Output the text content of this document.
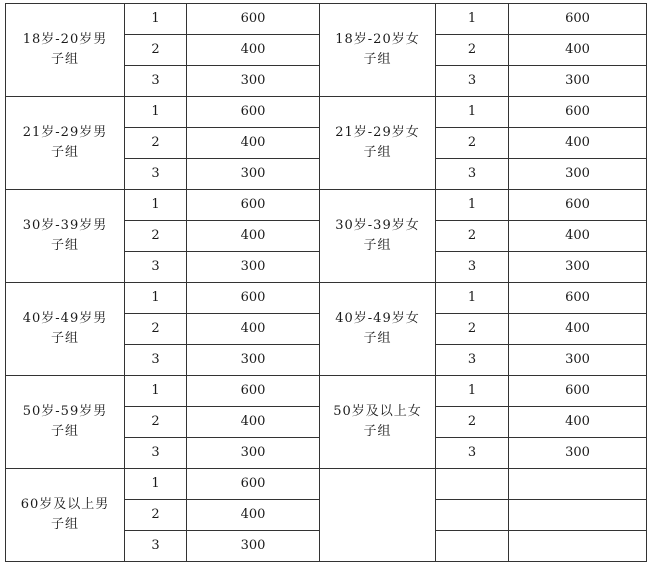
18岁-20岁男子组	1	600	18岁-20岁女子组	1	600
	2	400		2	400
	3	300		3	300
21岁-29岁男子组	1	600	21岁-29岁女子组	1	600
	2	400		2	400
	3	300		3	300
30岁-39岁男子组	1	600	30岁-39岁女子组	1	600
	2	400		2	400
	3	300		3	300
40岁-49岁男子组	1	600	40岁-49岁女子组	1	600
	2	400		2	400
	3	300		3	300
50岁-59岁男子组	1	600	50岁及以上女子组	1	600
	2	400		2	400
	3	300		3	300
60岁及以上男子组	1	600			
	2	400			
	3	300			
